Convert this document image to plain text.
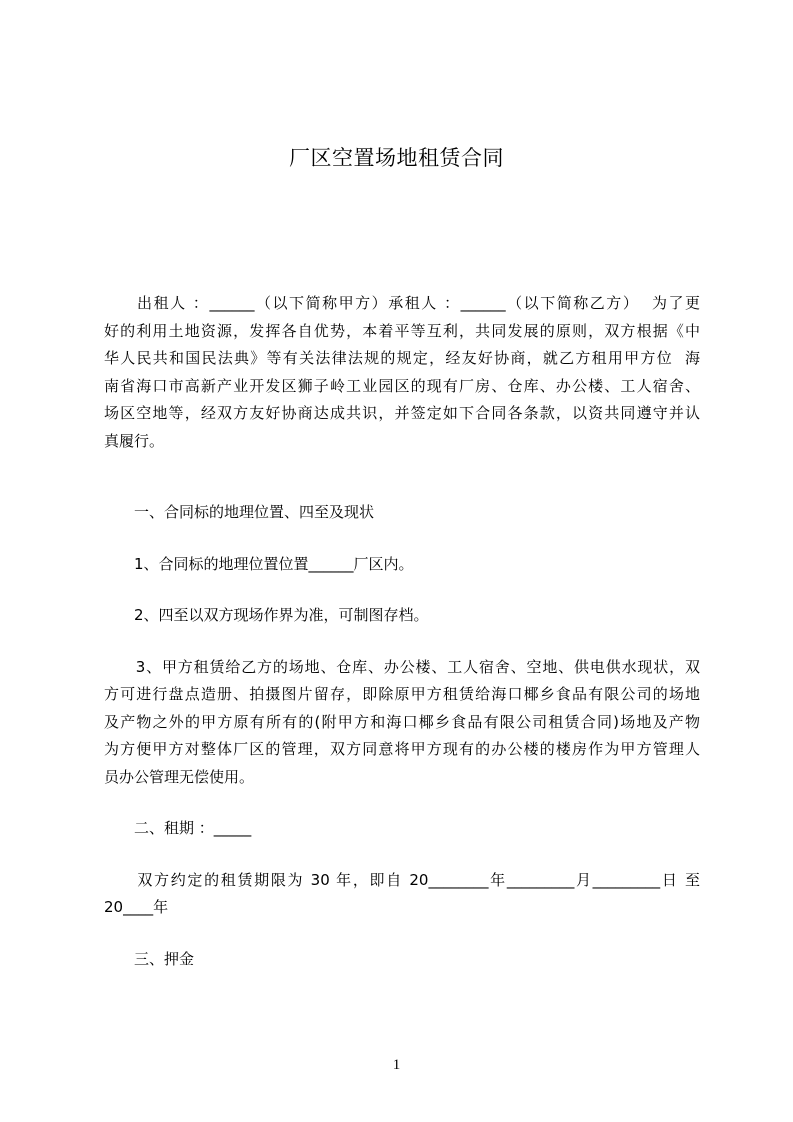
厂区空置场地租赁合同
　　出租人 ：______（以下简称甲方）承租人 ：______（以下简称乙方）  为了更
好的利用土地资源，发挥各自优势，本着平等互利，共同发展的原则，双方根据《中
华人民共和国民法典》等有关法律法规的规定，经友好协商，就乙方租用甲方位  海
南省海口市高新产业开发区狮子岭工业园区的现有厂房、仓库、办公楼、工人宿舍、
场区空地等，经双方友好协商达成共识，并签定如下合同各条款，以资共同遵守并认
真履行。
　　一、合同标的地理位置、四至及现状
　　1、合同标的地理位置位置______厂区内。
　　2、四至以双方现场作界为准，可制图存档。
　　3、甲方租赁给乙方的场地、仓库、办公楼、工人宿舍、空地、供电供水现状，双
方可进行盘点造册、拍摄图片留存，即除原甲方租赁给海口椰乡食品有限公司的场地
及产物之外的甲方原有所有的(附甲方和海口椰乡食品有限公司租赁合同)场地及产物
为方便甲方对整体厂区的管理，双方同意将甲方现有的办公楼的楼房作为甲方管理人
员办公管理无偿使用。
　　二、租期 ：_____
　　双方约定的租赁期限为 30 年，即自 20________年_________月_________日 至
20____年
　　三、押金
1
